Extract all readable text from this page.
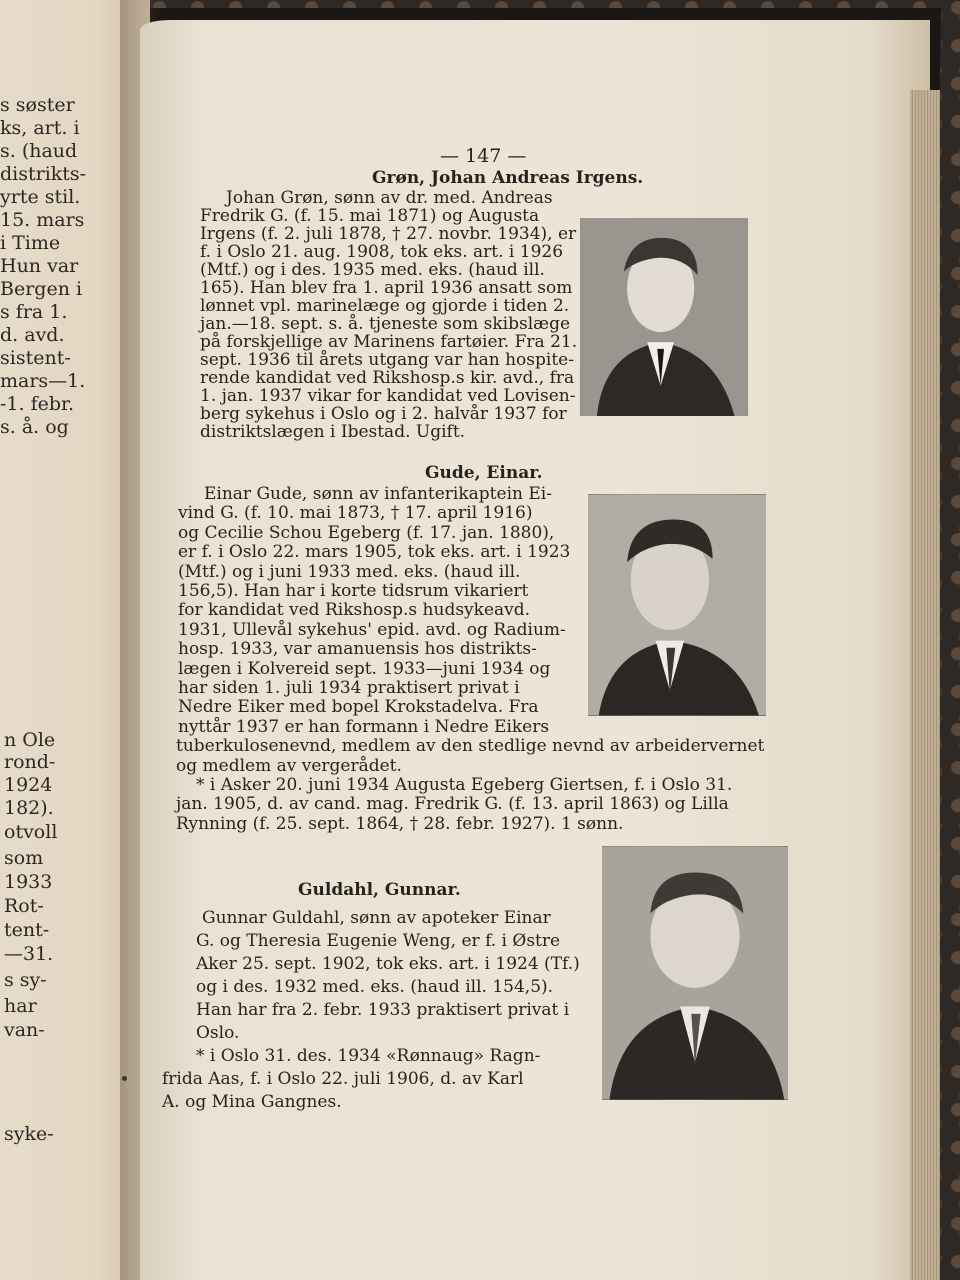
s søster
ks, art. i
s. (haud
distrikts-
yrte stil.
15. mars
i Time
Hun var
Bergen i
s fra 1.
d. avd.
sistent-
mars—1.
-1. febr.
s. å. og
n Ole
rond-
1924
182).
otvoll
som
1933
Rot-
tent-
—31.
s sy-
har
van-
syke-
— 147 —
Grøn, Johan Andreas Irgens.
Johan Grøn, sønn av dr. med. Andreas
Fredrik G. (f. 15. mai 1871) og Augusta
Irgens (f. 2. juli 1878, † 27. novbr. 1934), er
f. i Oslo 21. aug. 1908, tok eks. art. i 1926
(Mtf.) og i des. 1935 med. eks. (haud ill.
165). Han blev fra 1. april 1936 ansatt som
lønnet vpl. marinelæge og gjorde i tiden 2.
jan.—18. sept. s. å. tjeneste som skibslæge
på forskjellige av Marinens fartøier. Fra 21.
sept. 1936 til årets utgang var han hospite-
rende kandidat ved Rikshosp.s kir. avd., fra
1. jan. 1937 vikar for kandidat ved Lovisen-
berg sykehus i Oslo og i 2. halvår 1937 for
distriktslægen i Ibestad. Ugift.
Gude, Einar.
Einar Gude, sønn av infanterikaptein Ei-
vind G. (f. 10. mai 1873, † 17. april 1916)
og Cecilie Schou Egeberg (f. 17. jan. 1880),
er f. i Oslo 22. mars 1905, tok eks. art. i 1923
(Mtf.) og i juni 1933 med. eks. (haud ill.
156,5). Han har i korte tidsrum vikariert
for kandidat ved Rikshosp.s hudsykeavd.
1931, Ullevål sykehus' epid. avd. og Radium-
hosp. 1933, var amanuensis hos distrikts-
lægen i Kolvereid sept. 1933—juni 1934 og
har siden 1. juli 1934 praktisert privat i
Nedre Eiker med bopel Krokstadelva. Fra
nyttår 1937 er han formann i Nedre Eikers
tuberkulosenevnd, medlem av den stedlige nevnd av arbeidervernet
og medlem av vergerådet.
* i Asker 20. juni 1934 Augusta Egeberg Giertsen, f. i Oslo 31.
jan. 1905, d. av cand. mag. Fredrik G. (f. 13. april 1863) og Lilla
Rynning (f. 25. sept. 1864, † 28. febr. 1927). 1 sønn.
Guldahl, Gunnar.
Gunnar Guldahl, sønn av apoteker Einar
G. og Theresia Eugenie Weng, er f. i Østre
Aker 25. sept. 1902, tok eks. art. i 1924 (Tf.)
og i des. 1932 med. eks. (haud ill. 154,5).
Han har fra 2. febr. 1933 praktisert privat i
Oslo.
* i Oslo 31. des. 1934 «Rønnaug» Ragn-
frida Aas, f. i Oslo 22. juli 1906, d. av Karl
A. og Mina Gangnes.
